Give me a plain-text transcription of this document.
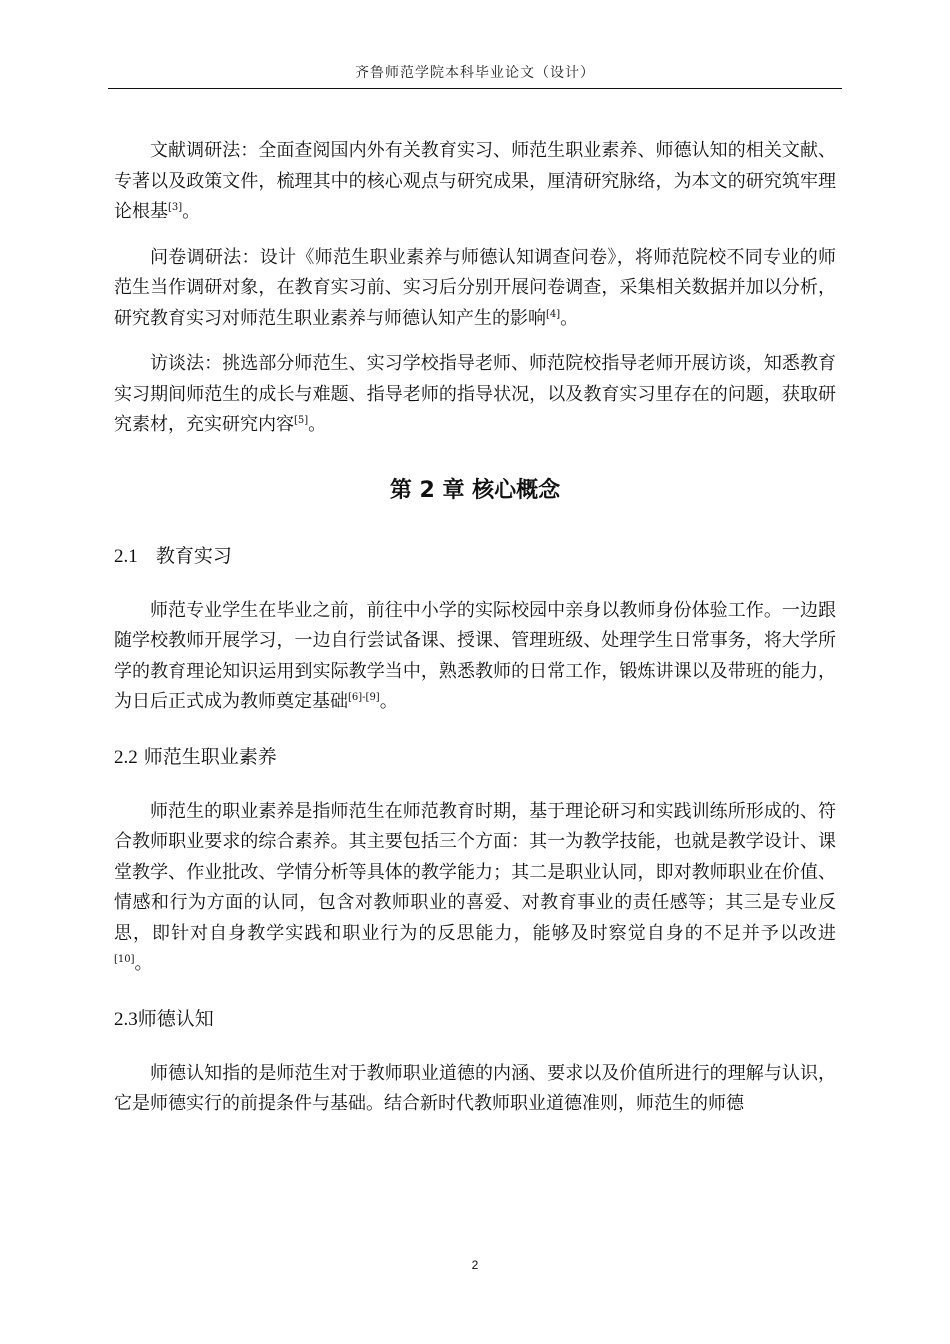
齐鲁师范学院本科毕业论文（设计）

文献调研法：全面查阅国内外有关教育实习、师范生职业素养、师德认知的相关文献、专著以及政策文件，梳理其中的核心观点与研究成果，厘清研究脉络，为本文的研究筑牢理论根基[3]。

问卷调研法：设计《师范生职业素养与师德认知调查问卷》，将师范院校不同专业的师范生当作调研对象，在教育实习前、实习后分别开展问卷调查，采集相关数据并加以分析，研究教育实习对师范生职业素养与师德认知产生的影响[4]。

访谈法：挑选部分师范生、实习学校指导老师、师范院校指导老师开展访谈，知悉教育实习期间师范生的成长与难题、指导老师的指导状况，以及教育实习里存在的问题，获取研究素材，充实研究内容[5]。

第 2 章 核心概念
2.1 教育实习

师范专业学生在毕业之前，前往中小学的实际校园中亲身以教师身份体验工作。一边跟随学校教师开展学习，一边自行尝试备课、授课、管理班级、处理学生日常事务，将大学所学的教育理论知识运用到实际教学当中，熟悉教师的日常工作，锻炼讲课以及带班的能力，为日后正式成为教师奠定基础[6]-[9]。

2.2 师范生职业素养

师范生的职业素养是指师范生在师范教育时期，基于理论研习和实践训练所形成的、符合教师职业要求的综合素养。其主要包括三个方面：其一为教学技能，也就是教学设计、课堂教学、作业批改、学情分析等具体的教学能力；其二是职业认同，即对教师职业在价值、情感和行为方面的认同，包含对教师职业的喜爱、对教育事业的责任感等；其三是专业反思，即针对自身教学实践和职业行为的反思能力，能够及时察觉自身的不足并予以改进[10]。

2.3师德认知

师德认知指的是师范生对于教师职业道德的内涵、要求以及价值所进行的理解与认识，它是师德实行的前提条件与基础。结合新时代教师职业道德准则，师范生的师德

2
